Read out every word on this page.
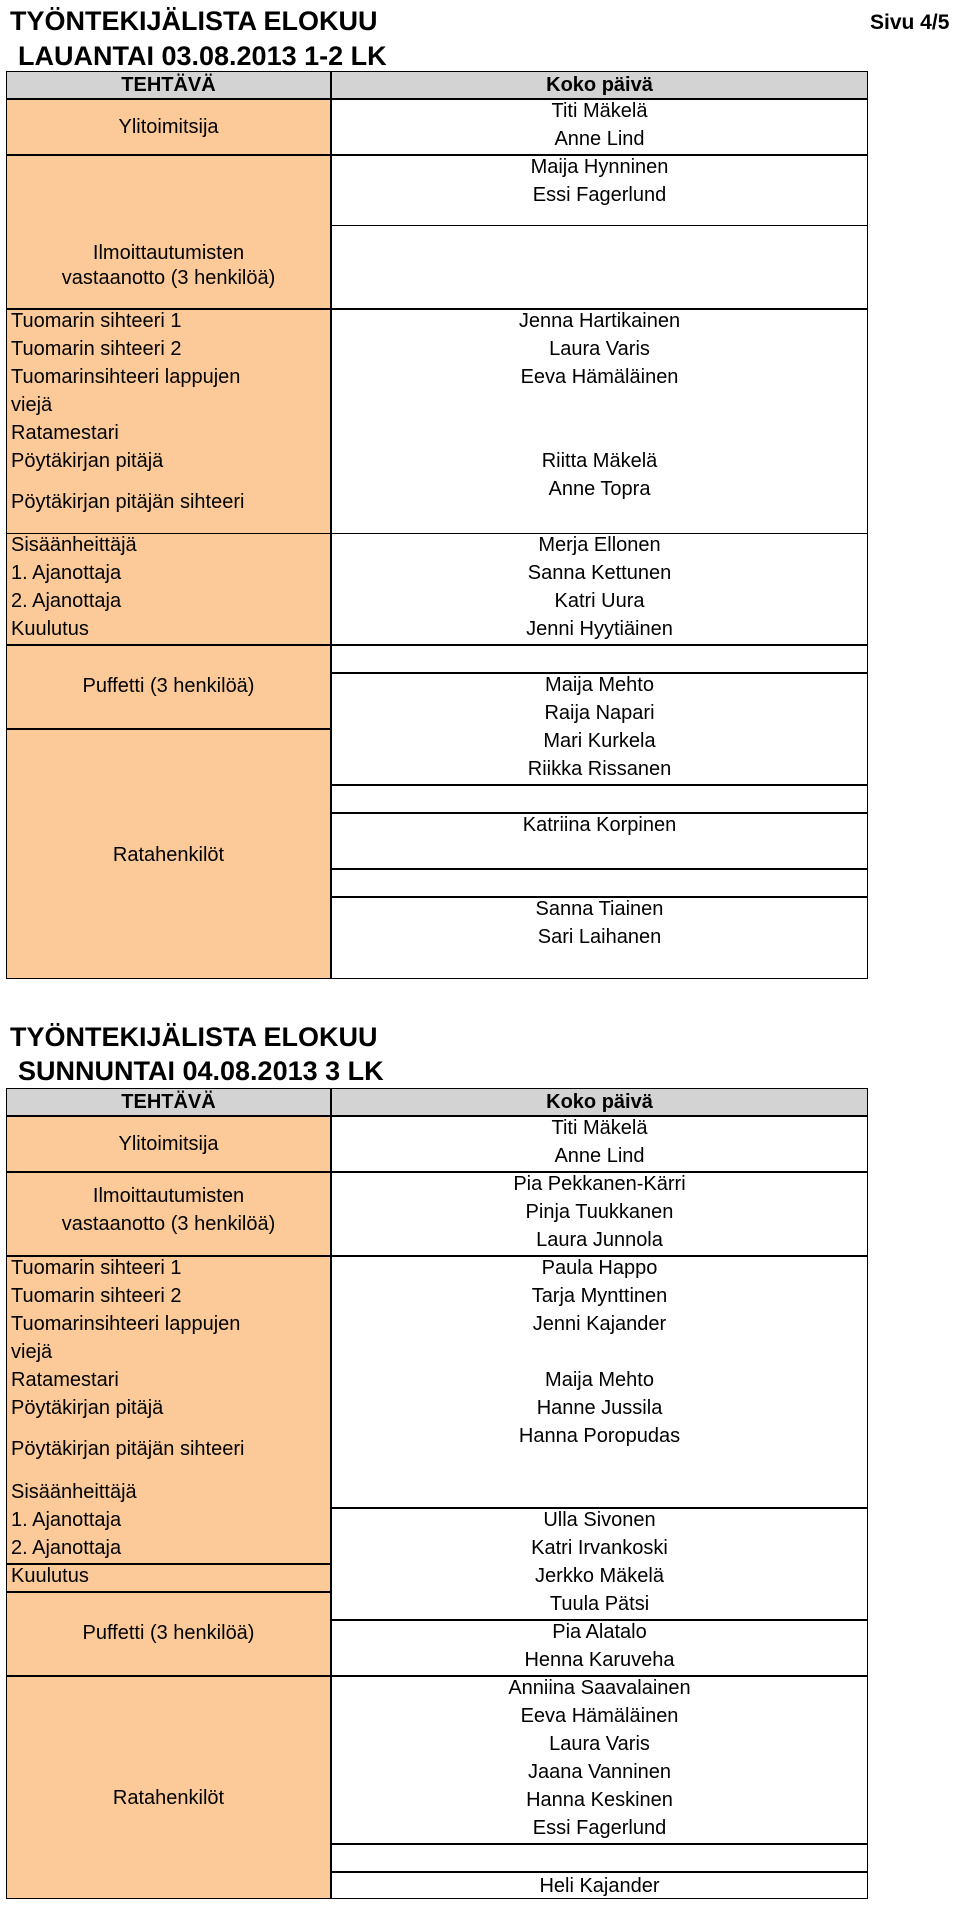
Sivu 4/5
TYÖNTEKIJÄLISTA ELOKUU
LAUANTAI 03.08.2013 1-2 LK
TEHTÄVÄ	Koko päivä
Ylitoimitsija
Ilmoittautumisten
vastaanotto (3 henkilöä)
Tuomarin sihteeri 1
Tuomarin sihteeri 2
Tuomarinsihteeri lappujen
viejä
Ratamestari
Pöytäkirjan pitäjä
Pöytäkirjan pitäjän sihteeri
Sisäänheittäjä
1. Ajanottaja
2. Ajanottaja
Kuulutus
Puffetti (3 henkilöä)
Ratahenkilöt
Titi Mäkelä
Anne Lind
Maija Hynninen
Essi Fagerlund
Jenna Hartikainen
Laura Varis
Eeva Hämäläinen
Riitta Mäkelä
Anne Topra
Merja Ellonen
Sanna Kettunen
Katri Uura
Jenni Hyytiäinen
Maija Mehto
Raija Napari
Mari Kurkela
Riikka Rissanen
Katriina Korpinen
Sanna Tiainen
Sari Laihanen
TYÖNTEKIJÄLISTA ELOKUU
SUNNUNTAI 04.08.2013 3 LK
TEHTÄVÄ	Koko päivä
Ylitoimitsija
Ilmoittautumisten
vastaanotto (3 henkilöä)
Tuomarin sihteeri 1
Tuomarin sihteeri 2
Tuomarinsihteeri lappujen
viejä
Ratamestari
Pöytäkirjan pitäjä
Pöytäkirjan pitäjän sihteeri
Sisäänheittäjä
1. Ajanottaja
2. Ajanottaja
Kuulutus
Puffetti (3 henkilöä)
Ratahenkilöt
Titi Mäkelä
Anne Lind
Pia Pekkanen-Kärri
Pinja Tuukkanen
Laura Junnola
Paula Happo
Tarja Mynttinen
Jenni Kajander
Maija Mehto
Hanne Jussila
Hanna Poropudas
Ulla Sivonen
Katri Irvankoski
Jerkko Mäkelä
Tuula Pätsi
Pia Alatalo
Henna Karuveha
Anniina Saavalainen
Eeva Hämäläinen
Laura Varis
Jaana Vanninen
Hanna Keskinen
Essi Fagerlund
Heli Kajander
